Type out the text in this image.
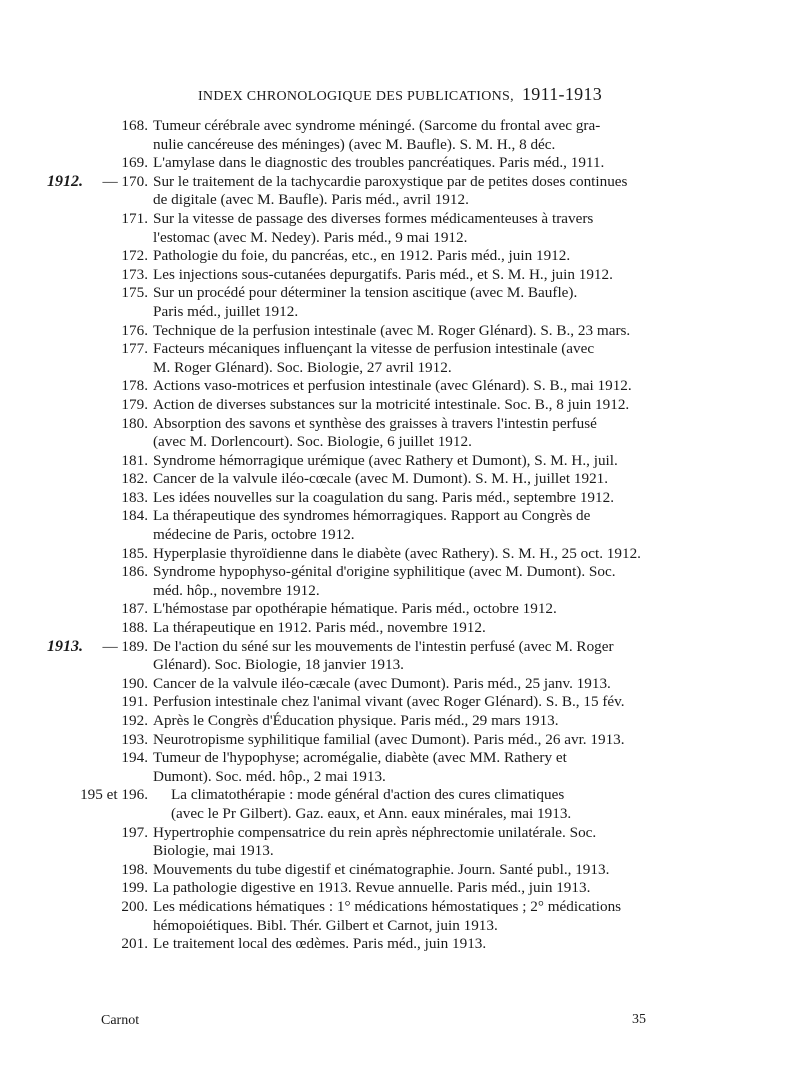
INDEX CHRONOLOGIQUE DES PUBLICATIONS, 1911-1913
168. Tumeur cérébrale avec syndrome méningé. (Sarcome du frontal avec gra-
nulie cancéreuse des méninges) (avec M. Baufle). S. M. H., 8 déc.
169. L'amylase dans le diagnostic des troubles pancréatiques. Paris méd., 1911.
1912.	— 170. Sur le traitement de la tachycardie paroxystique par de petites doses continues
de digitale (avec M. Baufle). Paris méd., avril 1912.
171. Sur la vitesse de passage des diverses formes médicamenteuses à travers
l'estomac (avec M. Nedey). Paris méd., 9 mai 1912.
172. Pathologie du foie, du pancréas, etc., en 1912. Paris méd., juin 1912.
173. Les injections sous-cutanées depurgatifs. Paris méd., et S. M. H., juin 1912.
175. Sur un procédé pour déterminer la tension ascitique (avec M. Baufle).
Paris méd., juillet 1912.
176. Technique de la perfusion intestinale (avec M. Roger Glénard). S. B., 23 mars.
177. Facteurs mécaniques influençant la vitesse de perfusion intestinale (avec
M. Roger Glénard). Soc. Biologie, 27 avril 1912.
178. Actions vaso-motrices et perfusion intestinale (avec Glénard). S. B., mai 1912.
179. Action de diverses substances sur la motricité intestinale. Soc. B., 8 juin 1912.
180. Absorption des savons et synthèse des graisses à travers l'intestin perfusé
(avec M. Dorlencourt). Soc. Biologie, 6 juillet 1912.
181. Syndrome hémorragique urémique (avec Rathery et Dumont), S. M. H., juil.
182. Cancer de la valvule iléo-cœcale (avec M. Dumont). S. M. H., juillet 1921.
183. Les idées nouvelles sur la coagulation du sang. Paris méd., septembre 1912.
184. La thérapeutique des syndromes hémorragiques. Rapport au Congrès de
médecine de Paris, octobre 1912.
185. Hyperplasie thyroïdienne dans le diabète (avec Rathery). S. M. H., 25 oct. 1912.
186. Syndrome hypophyso-génital d'origine syphilitique (avec M. Dumont). Soc.
méd. hôp., novembre 1912.
187. L'hémostase par opothérapie hématique. Paris méd., octobre 1912.
188. La thérapeutique en 1912. Paris méd., novembre 1912.
1913.	— 189. De l'action du séné sur les mouvements de l'intestin perfusé (avec M. Roger
Glénard). Soc. Biologie, 18 janvier 1913.
190. Cancer de la valvule iléo-cæcale (avec Dumont). Paris méd., 25 janv. 1913.
191. Perfusion intestinale chez l'animal vivant (avec Roger Glénard). S. B., 15 fév.
192. Après le Congrès d'Éducation physique. Paris méd., 29 mars 1913.
193. Neurotropisme syphilitique familial (avec Dumont). Paris méd., 26 avr. 1913.
194. Tumeur de l'hypophyse; acromégalie, diabète (avec MM. Rathery et
Dumont). Soc. méd. hôp., 2 mai 1913.
195 et 196. La climatothérapie : mode général d'action des cures climatiques
(avec le Pr Gilbert). Gaz. eaux, et Ann. eaux minérales, mai 1913.
197. Hypertrophie compensatrice du rein après néphrectomie unilatérale. Soc.
Biologie, mai 1913.
198. Mouvements du tube digestif et cinématographie. Journ. Santé publ., 1913.
199. La pathologie digestive en 1913. Revue annuelle. Paris méd., juin 1913.
200. Les médications hématiques : 1° médications hémostatiques ; 2° médications
hémopoiétiques. Bibl. Thér. Gilbert et Carnot, juin 1913.
201. Le traitement local des œdèmes. Paris méd., juin 1913.
Carnot	35
